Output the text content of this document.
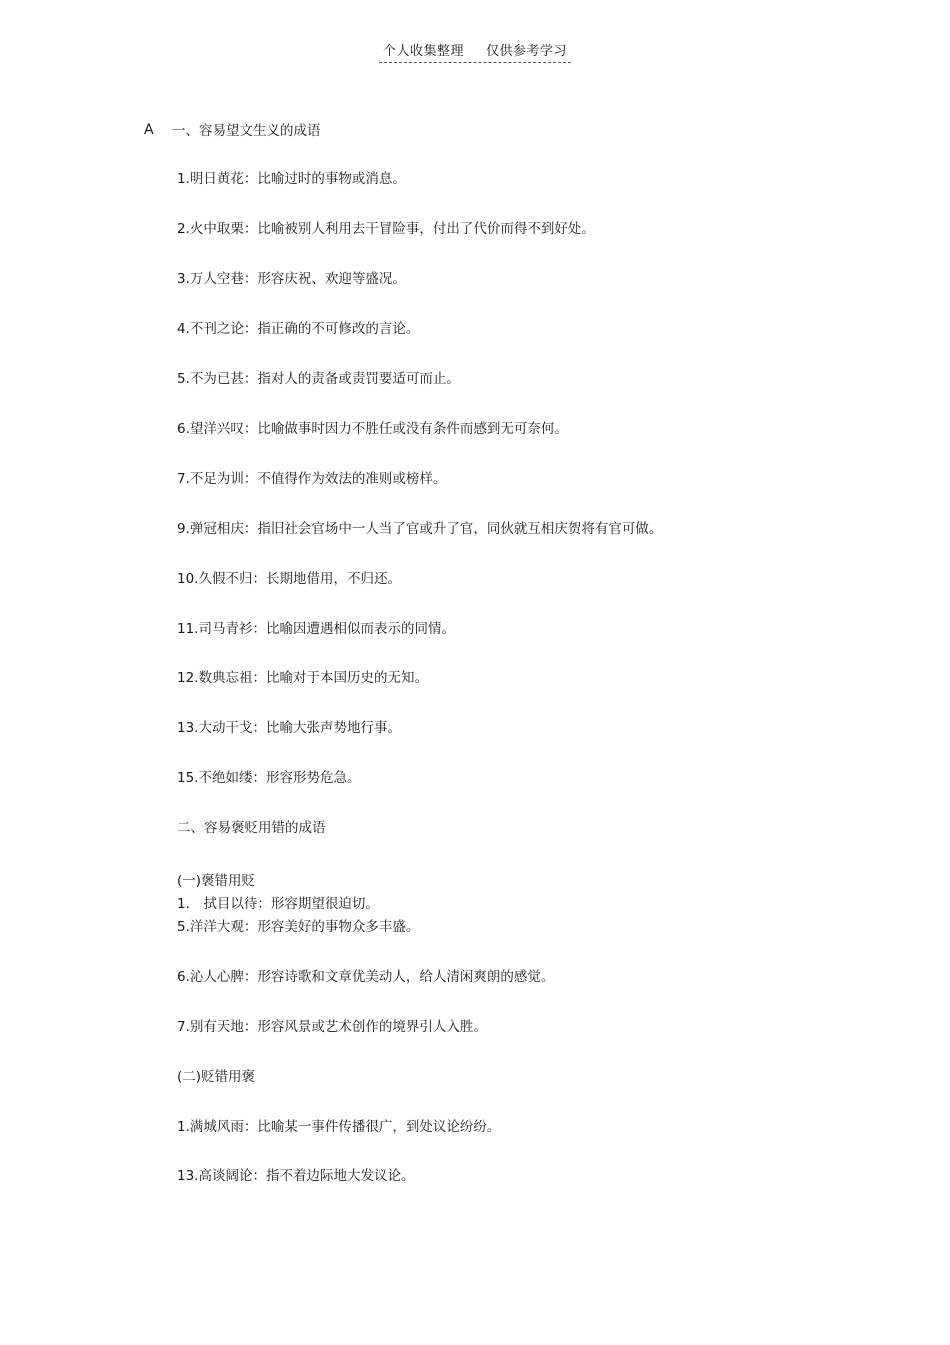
个人收集整理 仅供参考学习
A 一、容易望文生义的成语
1.明日黄花：比喻过时的事物或消息。
2.火中取栗：比喻被别人利用去干冒险事，付出了代价而得不到好处。
3.万人空巷：形容庆祝、欢迎等盛况。
4.不刊之论：指正确的不可修改的言论。
5.不为已甚：指对人的责备或责罚要适可而止。
6.望洋兴叹：比喻做事时因力不胜任或没有条件而感到无可奈何。
7.不足为训：不值得作为效法的准则或榜样。
9.弹冠相庆：指旧社会官场中一人当了官或升了官，同伙就互相庆贺将有官可做。
10.久假不归：长期地借用，不归还。
11.司马青衫：比喻因遭遇相似而表示的同情。
12.数典忘祖：比喻对于本国历史的无知。
13.大动干戈：比喻大张声势地行事。
15.不绝如缕：形容形势危急。
二、容易褒贬用错的成语
(一)褒错用贬
1.　拭目以待：形容期望很迫切。
5.洋洋大观：形容美好的事物众多丰盛。
6.沁人心脾：形容诗歌和文章优美动人，给人清闲爽朗的感觉。
7.别有天地：形容风景或艺术创作的境界引人入胜。
(二)贬错用褒
1.满城风雨：比喻某一事件传播很广，到处议论纷纷。
13.高谈阔论：指不着边际地大发议论。
